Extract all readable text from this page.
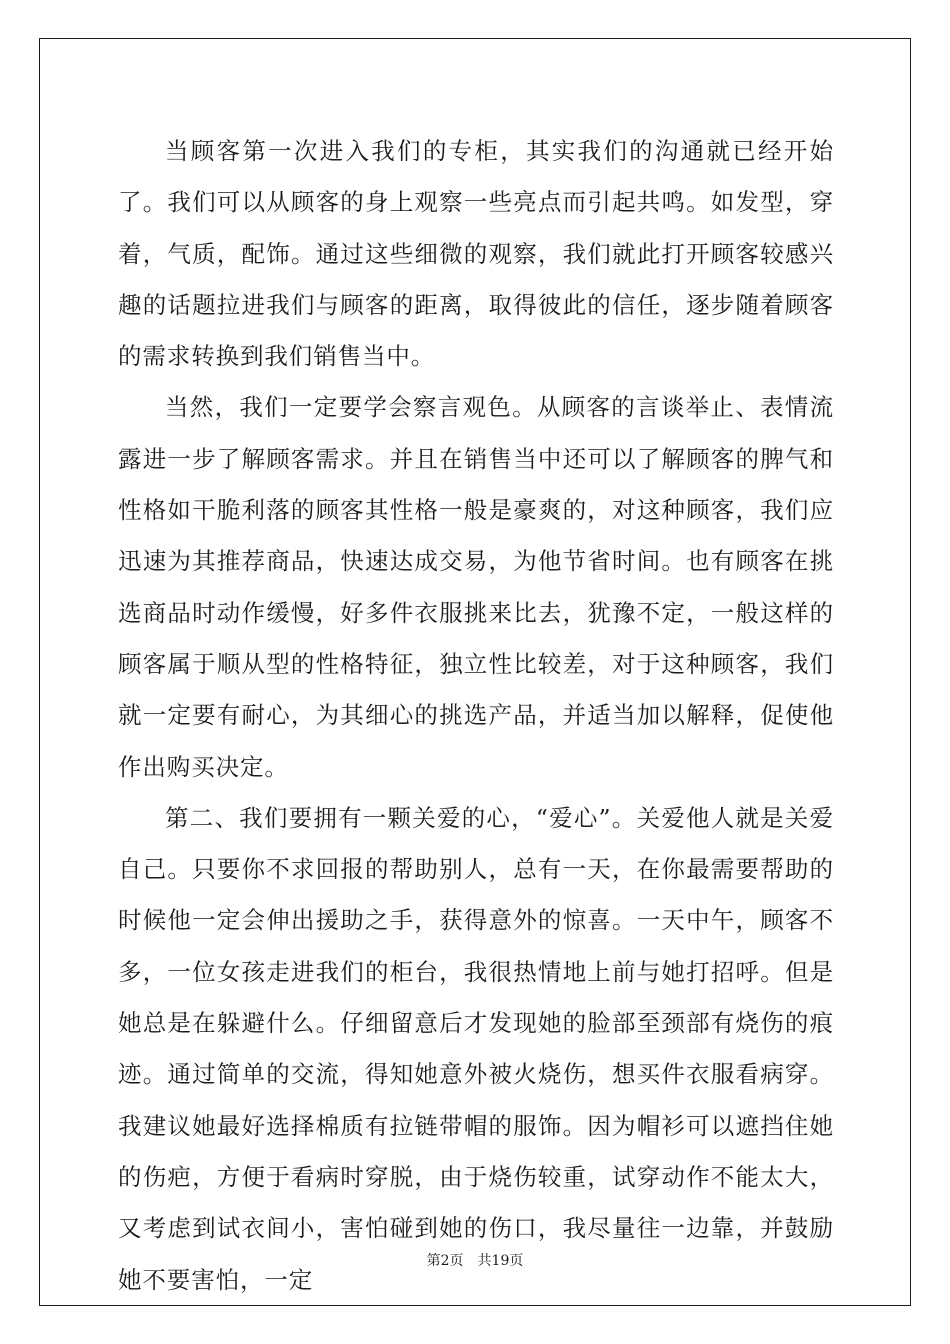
当顾客第一次进入我们的专柜，其实我们的沟通就已经开始了。我们可以从顾客的身上观察一些亮点而引起共鸣。如发型，穿着，气质，配饰。通过这些细微的观察，我们就此打开顾客较感兴趣的话题拉进我们与顾客的距离，取得彼此的信任，逐步随着顾客的需求转换到我们销售当中。

当然，我们一定要学会察言观色。从顾客的言谈举止、表情流露进一步了解顾客需求。并且在销售当中还可以了解顾客的脾气和性格如干脆利落的顾客其性格一般是豪爽的，对这种顾客，我们应迅速为其推荐商品，快速达成交易，为他节省时间。也有顾客在挑选商品时动作缓慢，好多件衣服挑来比去，犹豫不定，一般这样的顾客属于顺从型的性格特征，独立性比较差，对于这种顾客，我们就一定要有耐心，为其细心的挑选产品，并适当加以解释，促使他作出购买决定。

第二、我们要拥有一颗关爱的心，“爱心”。关爱他人就是关爱自己。只要你不求回报的帮助别人，总有一天，在你最需要帮助的时候他一定会伸出援助之手，获得意外的惊喜。一天中午，顾客不多，一位女孩走进我们的柜台，我很热情地上前与她打招呼。但是她总是在躲避什么。仔细留意后才发现她的脸部至颈部有烧伤的痕迹。通过简单的交流，得知她意外被火烧伤，想买件衣服看病穿。我建议她最好选择棉质有拉链带帽的服饰。因为帽衫可以遮挡住她的伤疤，方便于看病时穿脱，由于烧伤较重，试穿动作不能太大，又考虑到试衣间小，害怕碰到她的伤口，我尽量往一边靠，并鼓励她不要害怕，一定

第2页　共19页
